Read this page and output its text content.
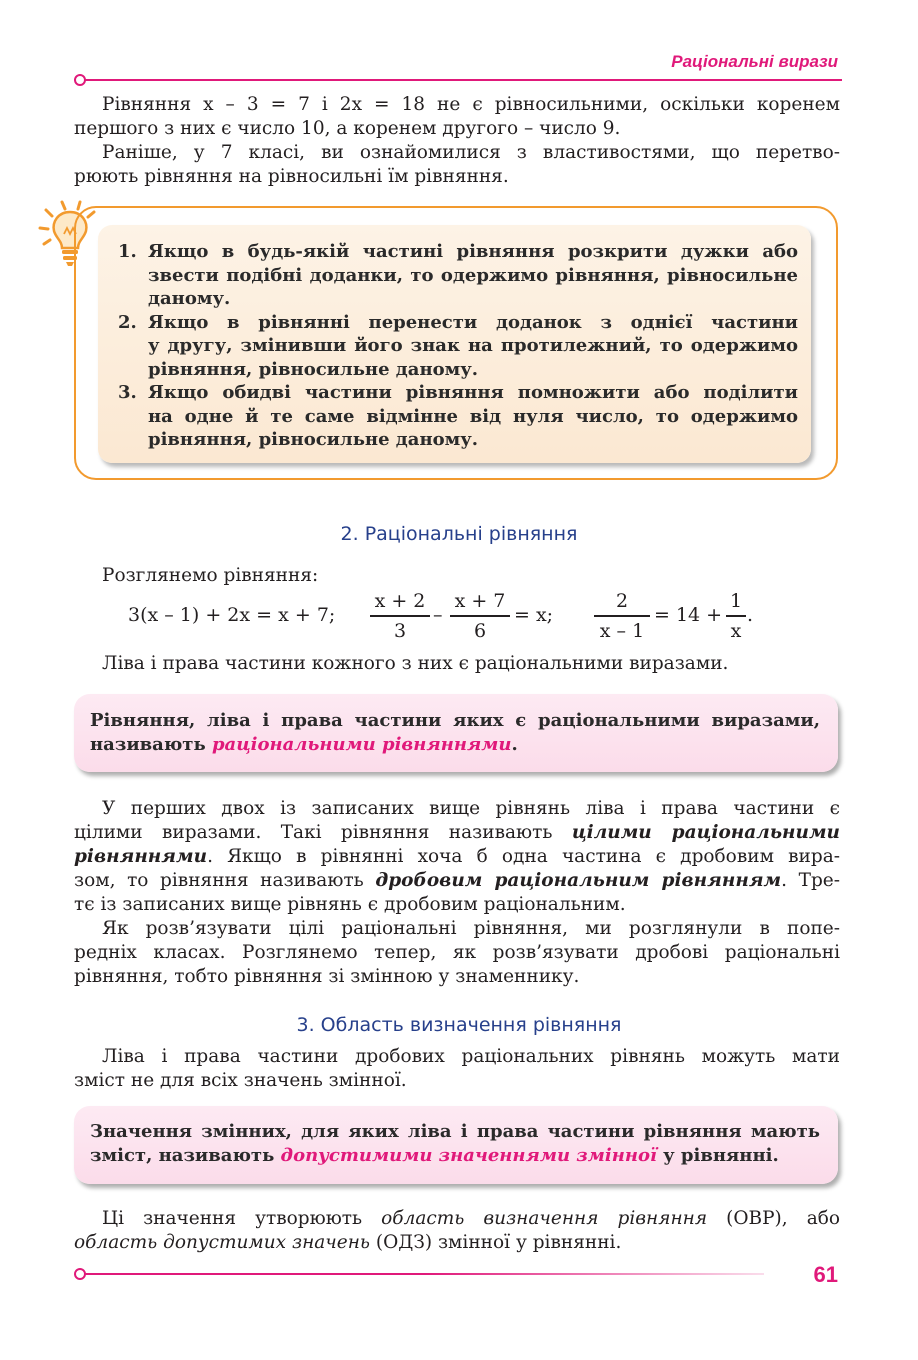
Раціональні вирази
Рівняння x – 3 = 7 і 2x = 18 не є рівносильними, оскільки коренем
першого з них є число 10, а коренем другого – число 9.
Раніше, у 7 класі, ви ознайомилися з властивостями, що перетво-
рюють рівняння на рівносильні їм рівняння.
1. Якщо в будь-якій частині рівняння розкрити дужки або
звести подібні доданки, то одержимо рівняння, рівносильне
даному.
2. Якщо в рівнянні перенести доданок з однієї частини
у другу, змінивши його знак на протилежний, то одержимо
рівняння, рівносильне даному.
3. Якщо обидві частини рівняння помножити або поділити
на одне й те саме відмінне від нуля число, то одержимо
рівняння, рівносильне даному.
2. Раціональні рівняння
Розглянемо рівняння:
3(x – 1) + 2x = x + 7;
x + 2
3
–
x + 7
6
= x;
2
x – 1
= 14 +
1
x
.
Ліва і права частини кожного з них є раціональними виразами.
Рівняння, ліва і права частини яких є раціональними виразами,
називають раціональними рівняннями.
У перших двох із записаних вище рівнянь ліва і права частини є
цілими виразами. Такі рівняння називають цілими раціональними
рівняннями. Якщо в рівнянні хоча б одна частина є дробовим вира-
зом, то рівняння називають дробовим раціональним рівнянням. Тре-
тє із записаних вище рівнянь є дробовим раціональним.
Як розв’язувати цілі раціональні рівняння, ми розглянули в попе-
редніх класах. Розглянемо тепер, як розв’язувати дробові раціональні
рівняння, тобто рівняння зі змінною у знаменнику.
3. Область визначення рівняння
Ліва і права частини дробових раціональних рівнянь можуть мати
зміст не для всіх значень змінної.
Значення змінних, для яких ліва і права частини рівняння мають
зміст, називають допустимими значеннями змінної у рівнянні.
Ці значення утворюють область визначення рівняння (ОВР), або
область допустимих значень (ОДЗ) змінної у рівнянні.
61
